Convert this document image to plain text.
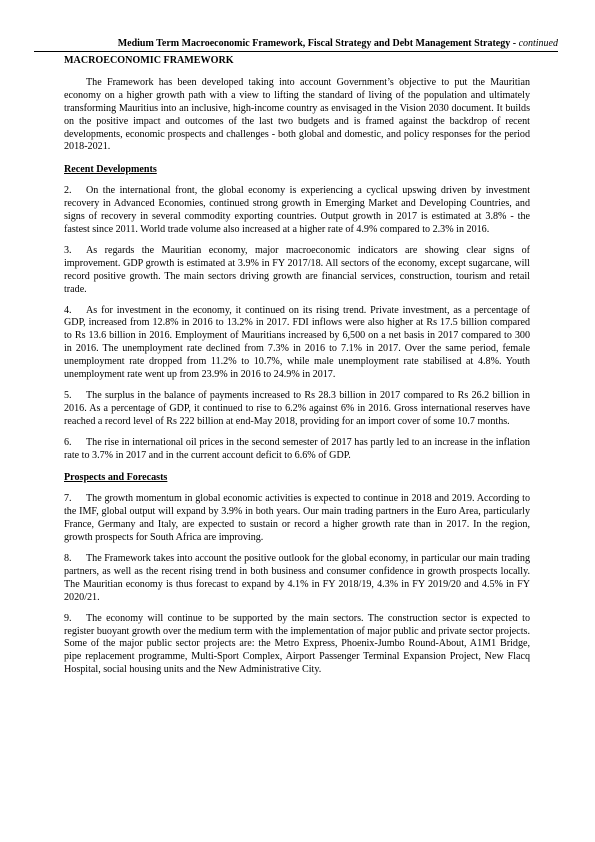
Medium Term Macroeconomic Framework, Fiscal Strategy and Debt Management Strategy - continued
MACROECONOMIC FRAMEWORK

The Framework has been developed taking into account Government’s objective to put the Mauritian economy on a higher growth path with a view to lifting the standard of living of the population and ultimately transforming Mauritius into an inclusive, high-income country as envisaged in the Vision 2030 document. It builds on the positive impact and outcomes of the last two budgets and is framed against the backdrop of recent developments, economic prospects and challenges - both global and domestic, and policy responses for the period 2018-2021.

Recent Developments

2. On the international front, the global economy is experiencing a cyclical upswing driven by investment recovery in Advanced Economies, continued strong growth in Emerging Market and Developing Countries, and signs of recovery in several commodity exporting countries. Output growth in 2017 is estimated at 3.8% - the fastest since 2011. World trade volume also increased at a higher rate of 4.9% compared to 2.3% in 2016.

3. As regards the Mauritian economy, major macroeconomic indicators are showing clear signs of improvement. GDP growth is estimated at 3.9% in FY 2017/18. All sectors of the economy, except sugarcane, will record positive growth. The main sectors driving growth are financial services, construction, tourism and retail trade.

4. As for investment in the economy, it continued on its rising trend. Private investment, as a percentage of GDP, increased from 12.8% in 2016 to 13.2% in 2017. FDI inflows were also higher at Rs 17.5 billion compared to Rs 13.6 billion in 2016. Employment of Mauritians increased by 6,500 on a net basis in 2017 compared to 300 in 2016. The unemployment rate declined from 7.3% in 2016 to 7.1% in 2017. Over the same period, female unemployment rate dropped from 11.2% to 10.7%, while male unemployment rate stabilised at 4.8%. Youth unemployment rate went up from 23.9% in 2016 to 24.9% in 2017.

5. The surplus in the balance of payments increased to Rs 28.3 billion in 2017 compared to Rs 26.2 billion in 2016. As a percentage of GDP, it continued to rise to 6.2% against 6% in 2016. Gross international reserves have reached a record level of Rs 222 billion at end-May 2018, providing for an import cover of some 10.7 months.

6. The rise in international oil prices in the second semester of 2017 has partly led to an increase in the inflation rate to 3.7% in 2017 and in the current account deficit to 6.6% of GDP.

Prospects and Forecasts

7. The growth momentum in global economic activities is expected to continue in 2018 and 2019. According to the IMF, global output will expand by 3.9% in both years. Our main trading partners in the Euro Area, particularly France, Germany and Italy, are expected to sustain or record a higher growth rate than in 2017. In the region, growth prospects for South Africa are improving.

8. The Framework takes into account the positive outlook for the global economy, in particular our main trading partners, as well as the recent rising trend in both business and consumer confidence in growth prospects locally. The Mauritian economy is thus forecast to expand by 4.1% in FY 2018/19, 4.3% in FY 2019/20 and 4.5% in FY 2020/21.

9. The economy will continue to be supported by the main sectors. The construction sector is expected to register buoyant growth over the medium term with the implementation of major public and private sector projects. Some of the major public sector projects are: the Metro Express, Phoenix-Jumbo Round-About, A1M1 Bridge, pipe replacement programme, Multi-Sport Complex, Airport Passenger Terminal Expansion Project, New Flacq Hospital, social housing units and the New Administrative City.
